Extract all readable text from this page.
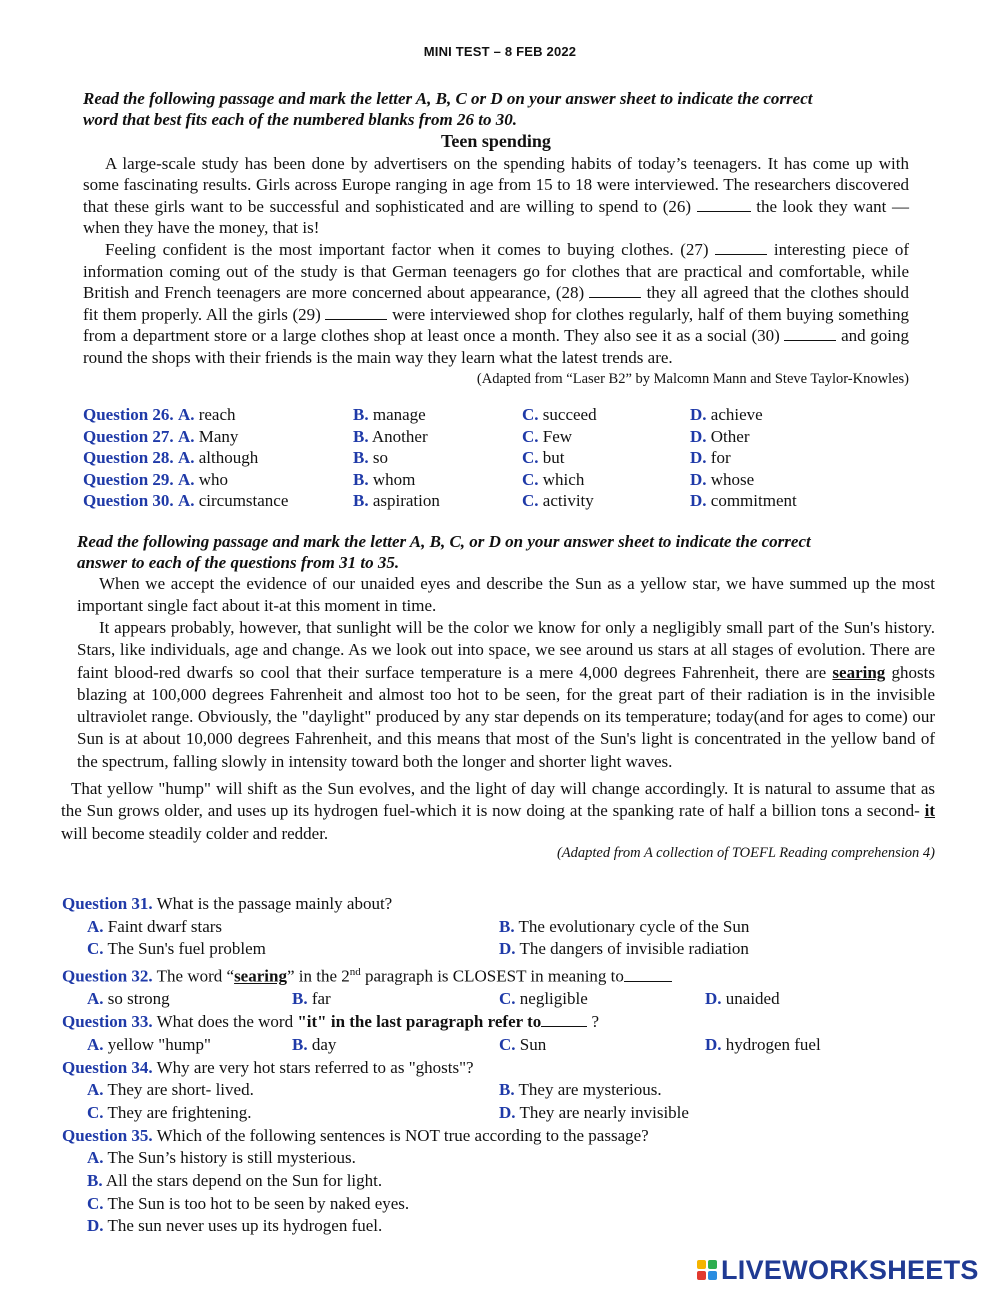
MINI TEST – 8 FEB 2022
Read the following passage and mark the letter A, B, C or D on your answer sheet to indicate the correct
word that best fits each of the numbered blanks from 26 to 30.
Teen spending
A large-scale study has been done by advertisers on the spending habits of today’s teenagers. It has come up with some fascinating results. Girls across Europe ranging in age from 15 to 18 were interviewed. The researchers discovered that these girls want to be successful and sophisticated and are willing to spend to (26)	the look they want — when they have the money, that is!
Feeling confident is the most important factor when it comes to buying clothes. (27)	interesting piece of information coming out of the study is that German teenagers go for clothes that are practical and comfortable, while British and French teenagers are more concerned about appearance, (28)	they all agreed that the clothes should fit them properly. All the girls (29)	were interviewed shop for clothes regularly, half of them buying something from a department store or a large clothes shop at least once a month. They also see it as a social (30)	and going round the shops with their friends is the main way they learn what the latest trends are.
(Adapted from “Laser B2” by Malcomn Mann and Steve Taylor-Knowles)
Question 26. A. reach	B. manage	C. succeed	D. achieve
Question 27. A. Many	B. Another	C. Few	D. Other
Question 28. A. although	B. so	C. but	D. for
Question 29. A. who	B. whom	C. which	D. whose
Question 30. A. circumstance	B. aspiration	C. activity	D. commitment
Read the following passage and mark the letter A, B, C, or D on your answer sheet to indicate the correct
answer to each of the questions from 31 to 35.
When we accept the evidence of our unaided eyes and describe the Sun as a yellow star, we have summed up the most important single fact about it-at this moment in time.
It appears probably, however, that sunlight will be the color we know for only a negligibly small part of the Sun's history. Stars, like individuals, age and change. As we look out into space, we see around us stars at all stages of evolution. There are faint blood-red dwarfs so cool that their surface temperature is a mere 4,000 degrees Fahrenheit, there are searing ghosts blazing at 100,000 degrees Fahrenheit and almost too hot to be seen, for the great part of their radiation is in the invisible ultraviolet range. Obviously, the "daylight" produced by any star depends on its temperature; today(and for ages to come) our Sun is at about 10,000 degrees Fahrenheit, and this means that most of the Sun's light is concentrated in the yellow band of the spectrum, falling slowly in intensity toward both the longer and shorter light waves.
That yellow "hump" will shift as the Sun evolves, and the light of day will change accordingly. It is natural to assume that as the Sun grows older, and uses up its hydrogen fuel-which it is now doing at the spanking rate of half a billion tons a second- it will become steadily colder and redder.
(Adapted from A collection of TOEFL Reading comprehension 4)
Question 31. What is the passage mainly about?
A. Faint dwarf stars	B. The evolutionary cycle of the Sun
C. The Sun's fuel problem	D. The dangers of invisible radiation
Question 32. The word “searing” in the 2nd paragraph is CLOSEST in meaning to
A. so strong	B. far	C. negligible	D. unaided
Question 33. What does the word "it" in the last paragraph refer to	?
A. yellow "hump"	B. day	C. Sun	D. hydrogen fuel
Question 34. Why are very hot stars referred to as "ghosts"?
A. They are short- lived.	B. They are mysterious.
C. They are frightening.	D. They are nearly invisible
Question 35. Which of the following sentences is NOT true according to the passage?
A. The Sun’s history is still mysterious.
B. All the stars depend on the Sun for light.
C. The Sun is too hot to be seen by naked eyes.
D. The sun never uses up its hydrogen fuel.
LIVEWORKSHEETS
